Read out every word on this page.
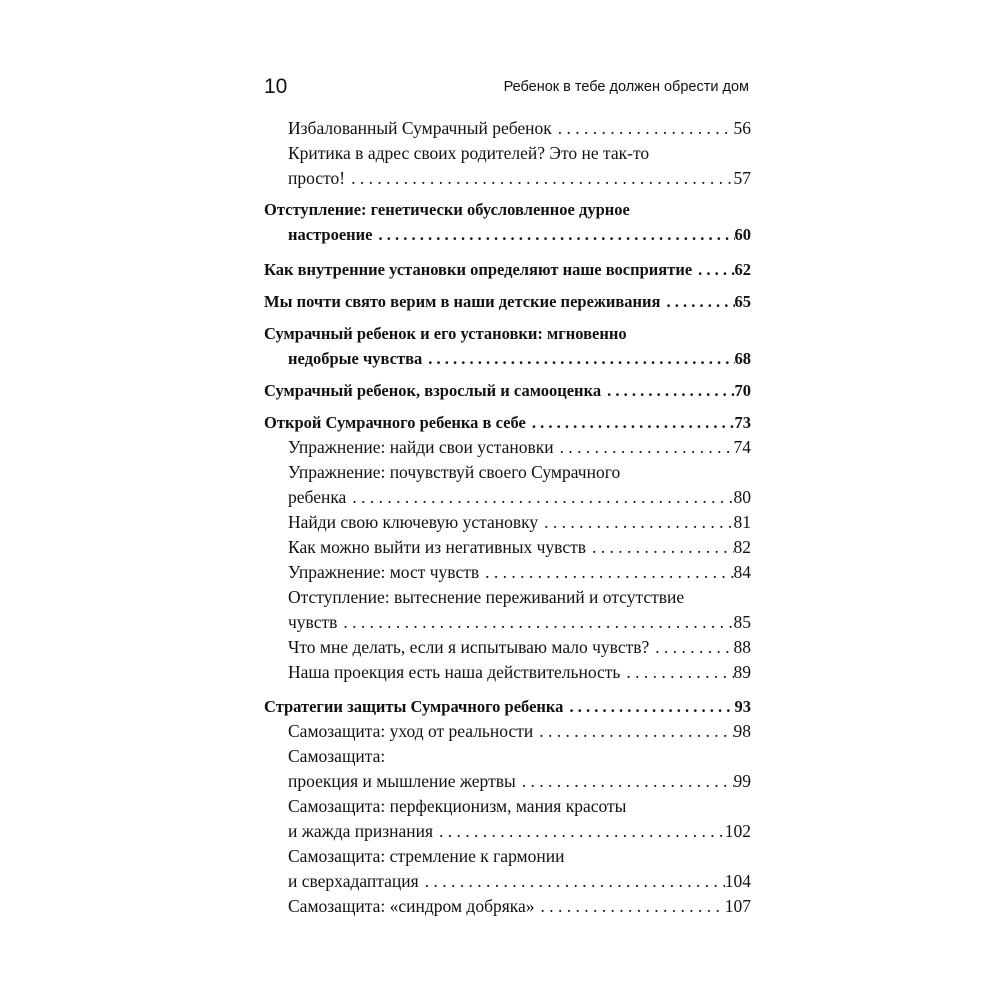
10	Ребенок в тебе должен обрести дом
Избалованный Сумрачный ребенок . . .	56
Критика в адрес своих родителей? Это не так-то
просто! . . .	57
Отступление: генетически обусловленное дурное
настроение . . .	60
Как внутренние установки определяют наше восприятие . . .	62
Мы почти свято верим в наши детские переживания . . .	65
Сумрачный ребенок и его установки: мгновенно
недобрые чувства . . .	68
Сумрачный ребенок, взрослый и самооценка . . .	70
Открой Сумрачного ребенка в себе . . .	73
Упражнение: найди свои установки . . .	74
Упражнение: почувствуй своего Сумрачного
ребенка . . .	80
Найди свою ключевую установку . . .	81
Как можно выйти из негативных чувств . . .	82
Упражнение: мост чувств . . .	84
Отступление: вытеснение переживаний и отсутствие
чувств . . .	85
Что мне делать, если я испытываю мало чувств? . . .	88
Наша проекция есть наша действительность . . .	89
Стратегии защиты Сумрачного ребенка . . .	93
Самозащита: уход от реальности . . .	98
Самозащита:
проекция и мышление жертвы . . .	99
Самозащита: перфекционизм, мания красоты
и жажда признания . . .	102
Самозащита: стремление к гармонии
и сверхадаптация . . .	104
Самозащита: «синдром добряка» . . .	107
